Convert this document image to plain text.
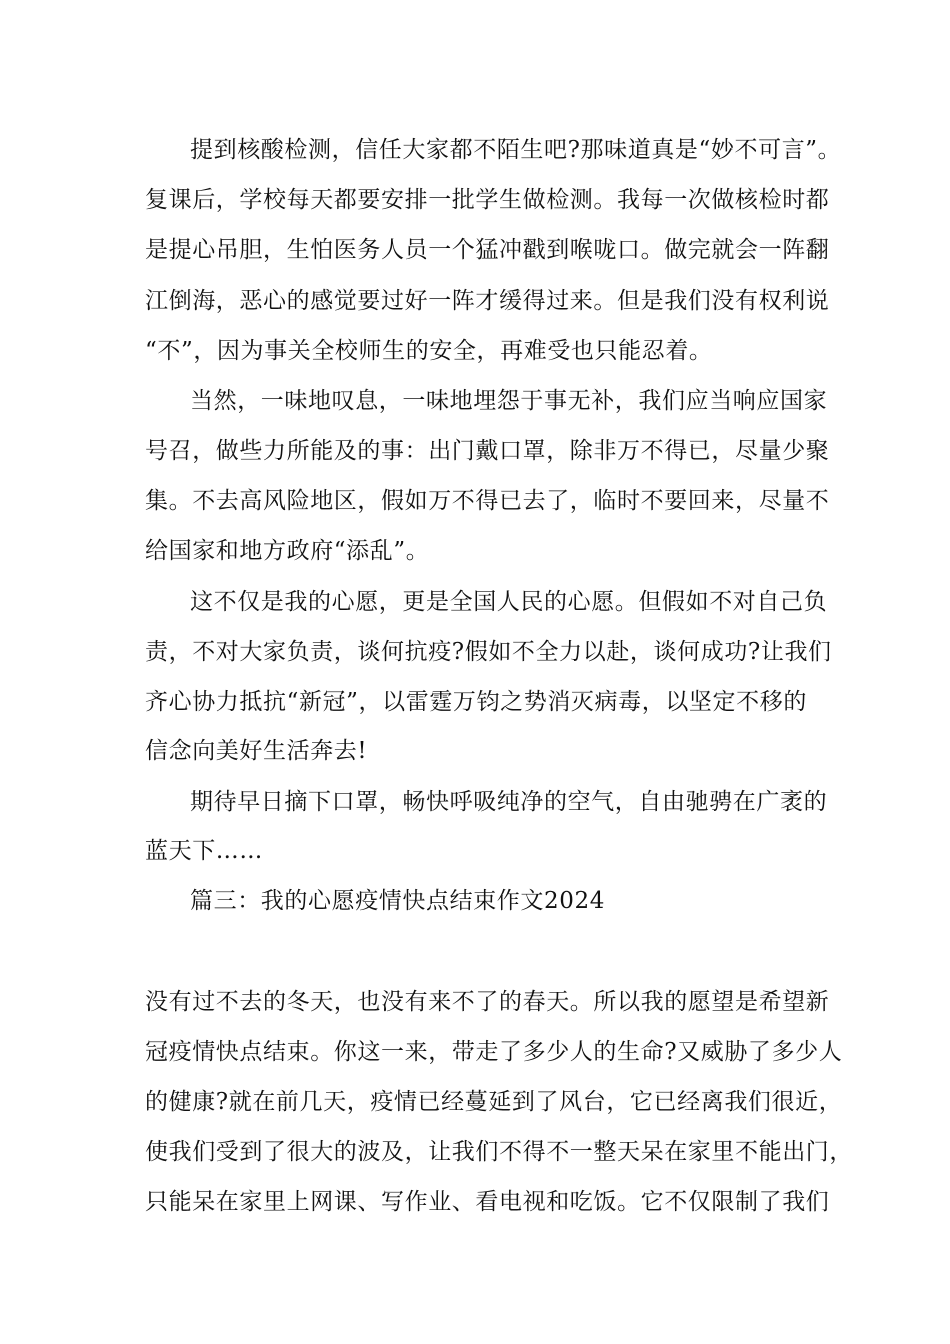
提到核酸检测，信任大家都不陌生吧?那味道真是“妙不可言”。
复课后，学校每天都要安排一批学生做检测。我每一次做核检时都
是提心吊胆，生怕医务人员一个猛冲戳到喉咙口。做完就会一阵翻
江倒海，恶心的感觉要过好一阵才缓得过来。但是我们没有权利说
“不”，因为事关全校师生的安全，再难受也只能忍着。
当然，一味地叹息，一味地埋怨于事无补，我们应当响应国家
号召，做些力所能及的事：出门戴口罩，除非万不得已，尽量少聚
集。不去高风险地区，假如万不得已去了，临时不要回来，尽量不
给国家和地方政府“添乱”。
这不仅是我的心愿，更是全国人民的心愿。但假如不对自己负
责，不对大家负责，谈何抗疫?假如不全力以赴，谈何成功?让我们
齐心协力抵抗“新冠”，以雷霆万钧之势消灭病毒，以坚定不移的
信念向美好生活奔去!
期待早日摘下口罩，畅快呼吸纯净的空气，自由驰骋在广袤的
蓝天下……
篇三：我的心愿疫情快点结束作文2024
没有过不去的冬天，也没有来不了的春天。所以我的愿望是希望新
冠疫情快点结束。你这一来，带走了多少人的生命?又威胁了多少人
的健康?就在前几天，疫情已经蔓延到了风台，它已经离我们很近，
使我们受到了很大的波及，让我们不得不一整天呆在家里不能出门，
只能呆在家里上网课、写作业、看电视和吃饭。它不仅限制了我们
